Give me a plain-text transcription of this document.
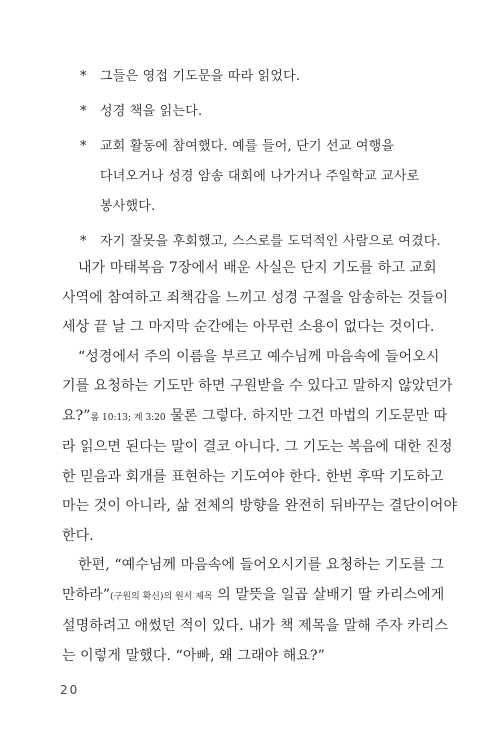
* 그들은 영접 기도문을 따라 읽었다.
* 성경 책을 읽는다.
* 교회 활동에 참여했다. 예를 들어, 단기 선교 여행을
다녀오거나 성경 암송 대회에 나가거나 주일학교 교사로
봉사했다.
* 자기 잘못을 후회했고, 스스로를 도덕적인 사람으로 여겼다.
내가 마태복음 7장에서 배운 사실은 단지 기도를 하고 교회
사역에 참여하고 죄책감을 느끼고 성경 구절을 암송하는 것들이
세상 끝 날 그 마지막 순간에는 아무런 소용이 없다는 것이다.
“성경에서 주의 이름을 부르고 예수님께 마음속에 들어오시
기를 요청하는 기도만 하면 구원받을 수 있다고 말하지 않았던가
요?”롬 10:13; 계 3:20 물론 그렇다. 하지만 그건 마법의 기도문만 따
라 읽으면 된다는 말이 결코 아니다. 그 기도는 복음에 대한 진정
한 믿음과 회개를 표현하는 기도여야 한다. 한번 후딱 기도하고
마는 것이 아니라, 삶 전체의 방향을 완전히 뒤바꾸는 결단이어야
한다.
한편, “예수님께 마음속에 들어오시기를 요청하는 기도를 그
만하라”(구원의 확신)의 원서 제목 의 말뜻을 일곱 살배기 딸 카리스에게
설명하려고 애썼던 적이 있다. 내가 책 제목을 말해 주자 카리스
는 이렇게 말했다. “아빠, 왜 그래야 해요?”
20
